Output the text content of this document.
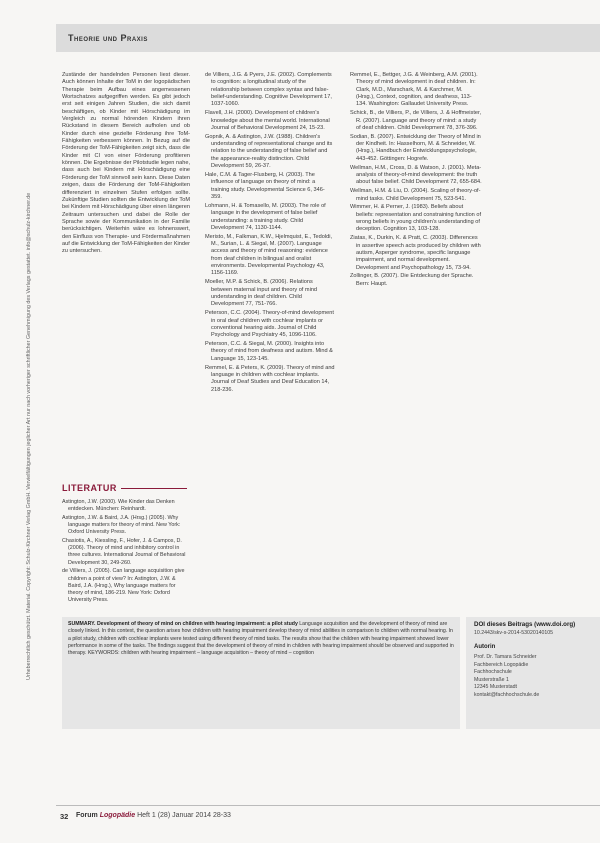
Urheberrechtlich geschützt. Material. Copyright: Schulz-Kirchner Verlag GmbH. Vervielfältigungen jeglicher Art nur nach vorheriger schriftlicher Genehmigung des Verlags gestattet. info@schulz-kirchner.de
Theorie und Praxis

Zustände der handelnden Personen liest dieser. Auch können Inhalte der ToM in der logopädischen Therapie beim Aufbau eines angemessenen Wortschatzes aufgegriffen werden. Es gibt jedoch erst seit einigen Jahren Studien, die sich damit beschäftigen, ob Kinder mit Hörschädigung im Vergleich zu normal hörenden Kindern ihren Rückstand in diesem Bereich aufholen und ob Kinder durch eine gezielte Förderung ihre ToM-Fähigkeiten verbessern können. In Bezug auf die Förderung der ToM-Fähigkeiten zeigt sich, dass die Kinder mit CI von einer Förderung profitieren können. Die Ergebnisse der Pilotstudie legen nahe, dass auch bei Kindern mit Hörschädigung eine Förderung der ToM sinnvoll sein kann. Diese Daten zeigen, dass die Förderung der ToM-Fähigkeiten differenziert in einzelnen Stufen erfolgen sollte. Zukünftige Studien sollten die Entwicklung der ToM bei Kindern mit Hörschädigung über einen längeren Zeitraum untersuchen und dabei die Rolle der Sprache sowie der Kommunikation in der Familie berücksichtigen. Weiterhin wäre es lohnenswert, den Einfluss von Therapie- und Fördermaßnahmen auf die Entwicklung der ToM-Fähigkeiten der Kinder zu untersuchen.

LITERATUR
Astington, J.W. (2000). Wie Kinder das Denken entdecken. München: Reinhardt.
Astington, J.W. & Baird, J.A. (Hrsg.) (2005). Why language matters for theory of mind. New York: Oxford University Press.
Chasiotis, A., Kiessling, F., Hofer, J. & Campos, D. (2006). Theory of mind and inhibitory control in three cultures. International Journal of Behavioral Development 30, 249-260.
de Villiers, J. (2005). Can language acquisition give children a point of view? In: Astington, J.W. & Baird, J.A. (Hrsg.), Why language matters for theory of mind, 186-219. New York: Oxford University Press.
de Villiers, J.G. & Pyers, J.E. (2002). Complements to cognition: a longitudinal study of the relationship between complex syntax and false-belief-understanding. Cognitive Development 17, 1037-1060.
Flavell, J.H. (2000). Development of children's knowledge about the mental world. International Journal of Behavioral Development 24, 15-23.
Gopnik, A. & Astington, J.W. (1988). Children's understanding of representational change and its relation to the understanding of false belief and the appearance-reality distinction. Child Development 59, 26-37.
Hale, C.M. & Tager-Flusberg, H. (2003). The influence of language on theory of mind: a training study. Developmental Science 6, 346-359.
Lohmann, H. & Tomasello, M. (2003). The role of language in the development of false belief understanding: a training study. Child Development 74, 1130-1144.
Meristo, M., Falkman, K.W., Hjelmquist, E., Tedoldi, M., Surian, L. & Siegal, M. (2007). Language access and theory of mind reasoning: evidence from deaf children in bilingual and oralist environments. Developmental Psychology 43, 1156-1169.
Moeller, M.P. & Schick, B. (2006). Relations between maternal input and theory of mind understanding in deaf children. Child Development 77, 751-766.
Peterson, C.C. (2004). Theory-of-mind development in oral deaf children with cochlear implants or conventional hearing aids. Journal of Child Psychology and Psychiatry 45, 1096-1106.
Peterson, C.C. & Siegal, M. (2000). Insights into theory of mind from deafness and autism. Mind & Language 15, 123-145.
Remmel, E. & Peters, K. (2009). Theory of mind and language in children with cochlear implants. Journal of Deaf Studies and Deaf Education 14, 218-236.
Remmel, E., Bettger, J.G. & Weinberg, A.M. (2001). Theory of mind development in deaf children. In: Clark, M.D., Marschark, M. & Karchmer, M. (Hrsg.), Context, cognition, and deafness, 113-134. Washington: Gallaudet University Press.
Schick, B., de Villiers, P., de Villiers, J. & Hoffmeister, R. (2007). Language and theory of mind: a study of deaf children. Child Development 78, 376-396.
Sodian, B. (2007). Entwicklung der Theory of Mind in der Kindheit. In: Hasselhorn, M. & Schneider, W. (Hrsg.), Handbuch der Entwicklungspsychologie, 443-452. Göttingen: Hogrefe.
Wellman, H.M., Cross, D. & Watson, J. (2001). Meta-analysis of theory-of-mind development: the truth about false belief. Child Development 72, 655-684.
Wellman, H.M. & Liu, D. (2004). Scaling of theory-of-mind tasks. Child Development 75, 523-541.
Wimmer, H. & Perner, J. (1983). Beliefs about beliefs: representation and constraining function of wrong beliefs in young children's understanding of deception. Cognition 13, 103-128.
Ziatas, K., Durkin, K. & Pratt, C. (2003). Differences in assertive speech acts produced by children with autism, Asperger syndrome, specific language impairment, and normal development. Development and Psychopathology 15, 73-94.
Zollinger, B. (2007). Die Entdeckung der Sprache. Bern: Haupt.
SUMMARY. Development of theory of mind on children with hearing impairment: a pilot study Language acquisition and the development of theory of mind are closely linked. In this context, the question arises how children with hearing impairment develop theory of mind abilities in comparison to children with normal hearing. In a pilot study, children with cochlear implants were tested using different theory of mind tasks. The results show that the children with hearing impairment showed lower performance in some of the tasks. The findings suggest that the development of theory of mind in children with hearing impairment should be observed and supported in therapy. KEYWORDS: children with hearing impairment – language acquisition – theory of mind – cognition
DOI dieses Beitrags (www.doi.org)
10.2443/skv-s-2014-53020140105
Autorin
Prof. Dr. Tamara Schneider
Fachbereich Logopädie
Fachhochschule
Musterstraße 1
12345 Musterstadt
kontakt@fachhochschule.de
32 Forum Logopädie Heft 1 (28) Januar 2014 28-33
